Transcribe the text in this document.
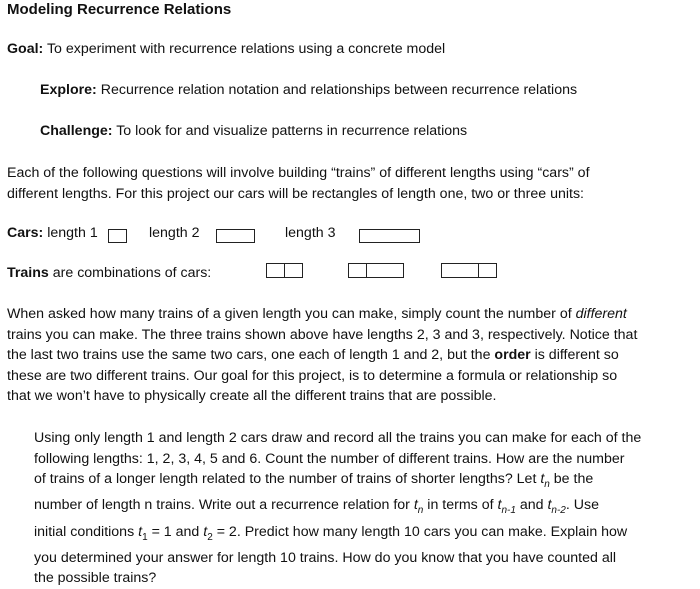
Modeling Recurrence Relations
Goal: To experiment with recurrence relations using a concrete model
Explore: Recurrence relation notation and relationships between recurrence relations
Challenge: To look for and visualize patterns in recurrence relations
Each of the following questions will involve building “trains” of different lengths using “cars” of
different lengths. For this project our cars will be rectangles of length one, two or three units:
Cars: length 1	length 2	length 3
Trains are combinations of cars:
When asked how many trains of a given length you can make, simply count the number of different
trains you can make. The three trains shown above have lengths 2, 3 and 3, respectively. Notice that
the last two trains use the same two cars, one each of length 1 and 2, but the order is different so
these are two different trains. Our goal for this project, is to determine a formula or relationship so
that we won’t have to physically create all the different trains that are possible.
Using only length 1 and length 2 cars draw and record all the trains you can make for each of the
following lengths: 1, 2, 3, 4, 5 and 6. Count the number of different trains. How are the number
of trains of a longer length related to the number of trains of shorter lengths? Let $t_n$ be the
number of length n trains. Write out a recurrence relation for $t_n$ in terms of $t_{n-1}$ and $t_{n-2}$. Use
initial conditions $t_1 = 1$ and $t_2 = 2$. Predict how many length 10 cars you can make. Explain how
you determined your answer for length 10 trains. How do you know that you have counted all
the possible trains?
